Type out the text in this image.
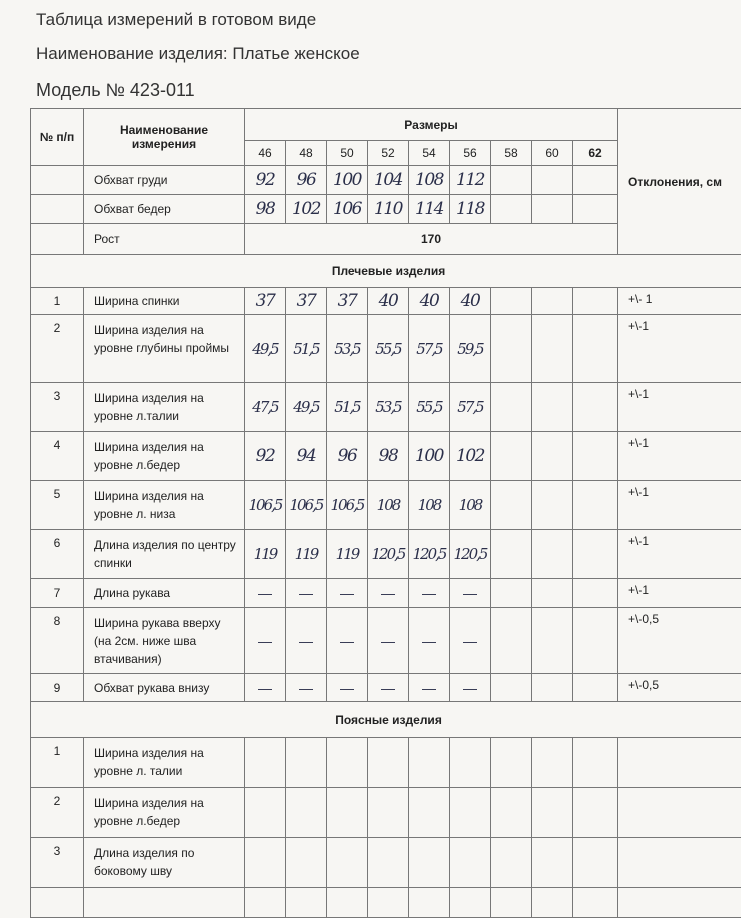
Таблица измерений в готовом виде
Наименование изделия: Платье женское
Модель № 423-011
№ п/п	Наименование измерения	Размеры									Отклонения, см
		46	48	50	52	54	56	58	60	62	
	Обхват груди	92	96	100	104	108	112				
	Обхват бедер	98	102	106	110	114	118				
	Рост	170									
Плечевые изделия											
1	Ширина спинки	37	37	37	40	40	40				+\- 1
2	Ширина изделия на уровне глубины проймы	49,5	51,5	53,5	55,5	57,5	59,5				+\-1
3	Ширина изделия на уровне л.талии	47,5	49,5	51,5	53,5	55,5	57,5				+\-1
4	Ширина изделия на уровне л.бедер	92	94	96	98	100	102				+\-1
5	Ширина изделия на уровне л. низа	106,5	106,5	106,5	108	108	108				+\-1
6	Длина изделия по центру спинки	119	119	119	120,5	120,5	120,5				+\-1
7	Длина рукава	—	—	—	—	—	—				+\-1
8	Ширина рукава вверху (на 2см. ниже шва втачивания)	—	—	—	—	—	—				+\-0,5
9	Обхват рукава внизу	—	—	—	—	—	—				+\-0,5
Поясные изделия											
1	Ширина изделия на уровне л. талии										
2	Ширина изделия на уровне л.бедер										
3	Длина изделия по боковому шву										
